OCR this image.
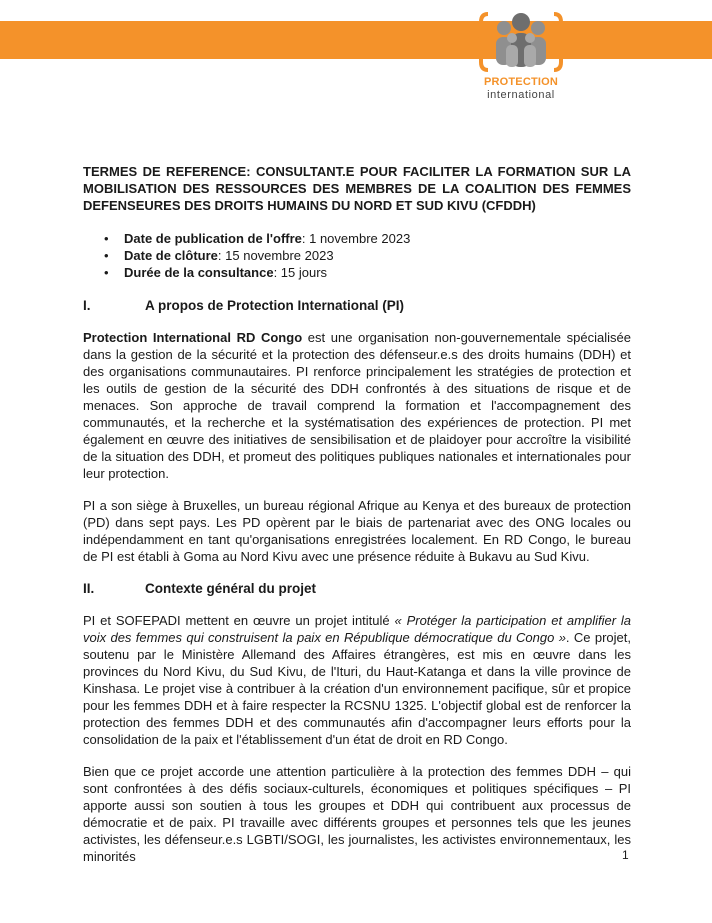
PROTECTION
international
TERMES DE REFERENCE: CONSULTANT.E POUR FACILITER LA FORMATION SUR LA MOBILISATION DES RESSOURCES DES MEMBRES DE LA COALITION DES FEMMES DEFENSEURES DES DROITS HUMAINS DU NORD ET SUD KIVU (CFDDH)
• Date de publication de l'offre: 1 novembre 2023
• Date de clôture: 15 novembre 2023
• Durée de la consultance: 15 jours
I.	A propos de Protection International (PI)

Protection International RD Congo est une organisation non-gouvernementale spécialisée dans la gestion de la sécurité et la protection des défenseur.e.s des droits humains (DDH) et des organisations communautaires. PI renforce principalement les stratégies de protection et les outils de gestion de la sécurité des DDH confrontés à des situations de risque et de menaces. Son approche de travail comprend la formation et l'accompagnement des communautés, et la recherche et la systématisation des expériences de protection. PI met également en œuvre des initiatives de sensibilisation et de plaidoyer pour accroître la visibilité de la situation des DDH, et promeut des politiques publiques nationales et internationales pour leur protection.

PI a son siège à Bruxelles, un bureau régional Afrique au Kenya et des bureaux de protection (PD) dans sept pays. Les PD opèrent par le biais de partenariat avec des ONG locales ou indépendamment en tant qu'organisations enregistrées localement. En RD Congo, le bureau de PI est établi à Goma au Nord Kivu avec une présence réduite à Bukavu au Sud Kivu.

II.	Contexte général du projet

PI et SOFEPADI mettent en œuvre un projet intitulé « Protéger la participation et amplifier la voix des femmes qui construisent la paix en République démocratique du Congo ». Ce projet, soutenu par le Ministère Allemand des Affaires étrangères, est mis en œuvre dans les provinces du Nord Kivu, du Sud Kivu, de l'Ituri, du Haut-Katanga et dans la ville province de Kinshasa. Le projet vise à contribuer à la création d'un environnement pacifique, sûr et propice pour les femmes DDH et à faire respecter la RCSNU 1325. L'objectif global est de renforcer la protection des femmes DDH et des communautés afin d'accompagner leurs efforts pour la consolidation de la paix et l'établissement d'un état de droit en RD Congo.

Bien que ce projet accorde une attention particulière à la protection des femmes DDH – qui sont confrontées à des défis sociaux-culturels, économiques et politiques spécifiques – PI apporte aussi son soutien à tous les groupes et DDH qui contribuent aux processus de démocratie et de paix. PI travaille avec différents groupes et personnes tels que les jeunes activistes, les défenseur.e.s LGBTI/SOGI, les journalistes, les activistes environnementaux, les minorités	1
